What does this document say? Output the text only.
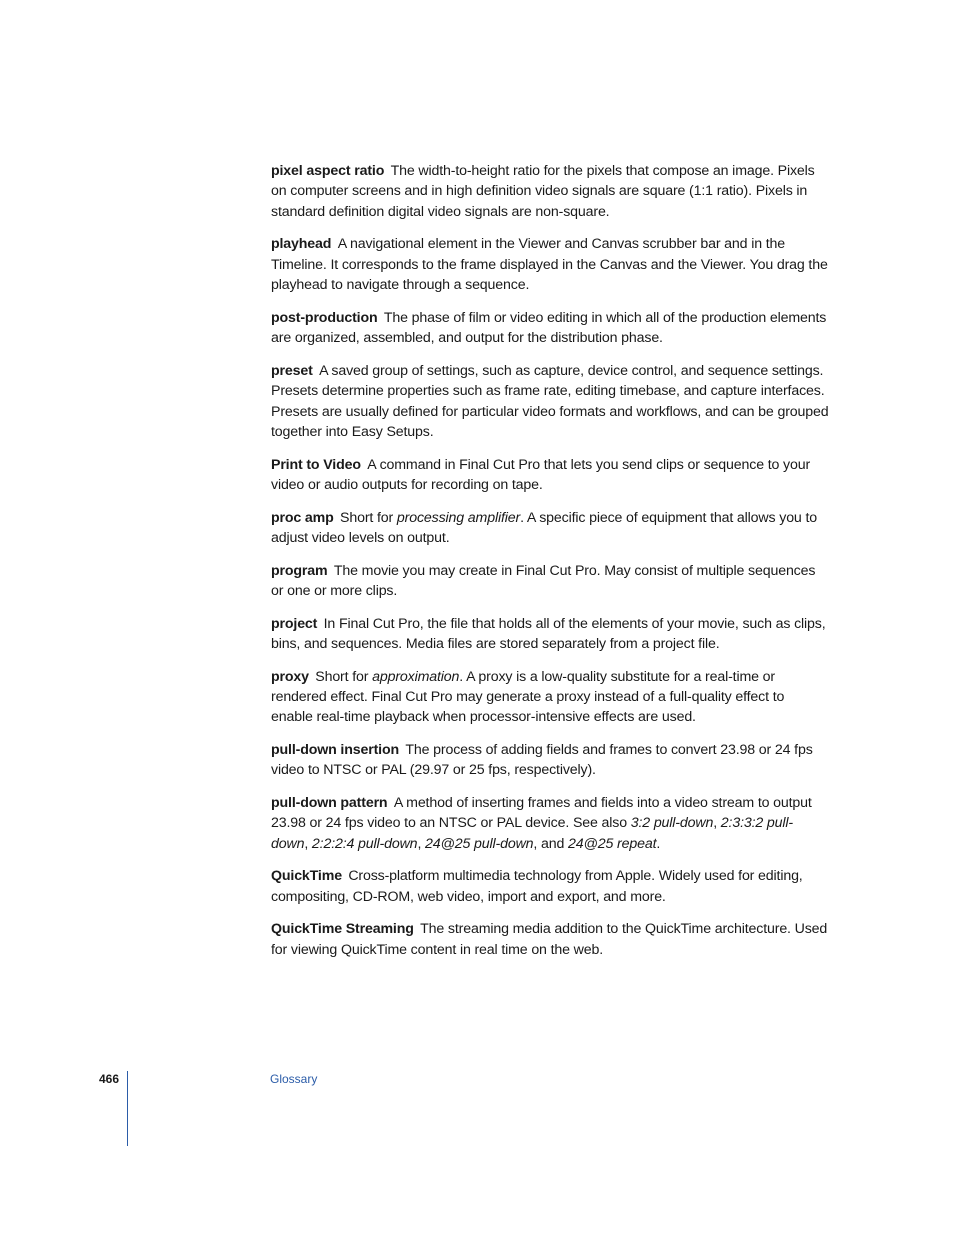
pixel aspect ratio The width-to-height ratio for the pixels that compose an image. Pixels on computer screens and in high definition video signals are square (1:1 ratio). Pixels in standard definition digital video signals are non-square.

playhead A navigational element in the Viewer and Canvas scrubber bar and in the Timeline. It corresponds to the frame displayed in the Canvas and the Viewer. You drag the playhead to navigate through a sequence.

post-production The phase of film or video editing in which all of the production elements are organized, assembled, and output for the distribution phase.

preset A saved group of settings, such as capture, device control, and sequence settings. Presets determine properties such as frame rate, editing timebase, and capture interfaces. Presets are usually defined for particular video formats and workflows, and can be grouped together into Easy Setups.

Print to Video A command in Final Cut Pro that lets you send clips or sequence to your video or audio outputs for recording on tape.

proc amp Short for processing amplifier. A specific piece of equipment that allows you to adjust video levels on output.

program The movie you may create in Final Cut Pro. May consist of multiple sequences or one or more clips.

project In Final Cut Pro, the file that holds all of the elements of your movie, such as clips, bins, and sequences. Media files are stored separately from a project file.

proxy Short for approximation. A proxy is a low-quality substitute for a real-time or rendered effect. Final Cut Pro may generate a proxy instead of a full-quality effect to enable real-time playback when processor-intensive effects are used.

pull-down insertion The process of adding fields and frames to convert 23.98 or 24 fps video to NTSC or PAL (29.97 or 25 fps, respectively).

pull-down pattern A method of inserting frames and fields into a video stream to output 23.98 or 24 fps video to an NTSC or PAL device. See also 3:2 pull-down, 2:3:3:2 pull-down, 2:2:2:4 pull-down, 24@25 pull-down, and 24@25 repeat.

QuickTime Cross-platform multimedia technology from Apple. Widely used for editing, compositing, CD-ROM, web video, import and export, and more.

QuickTime Streaming The streaming media addition to the QuickTime architecture. Used for viewing QuickTime content in real time on the web.

466	Glossary
